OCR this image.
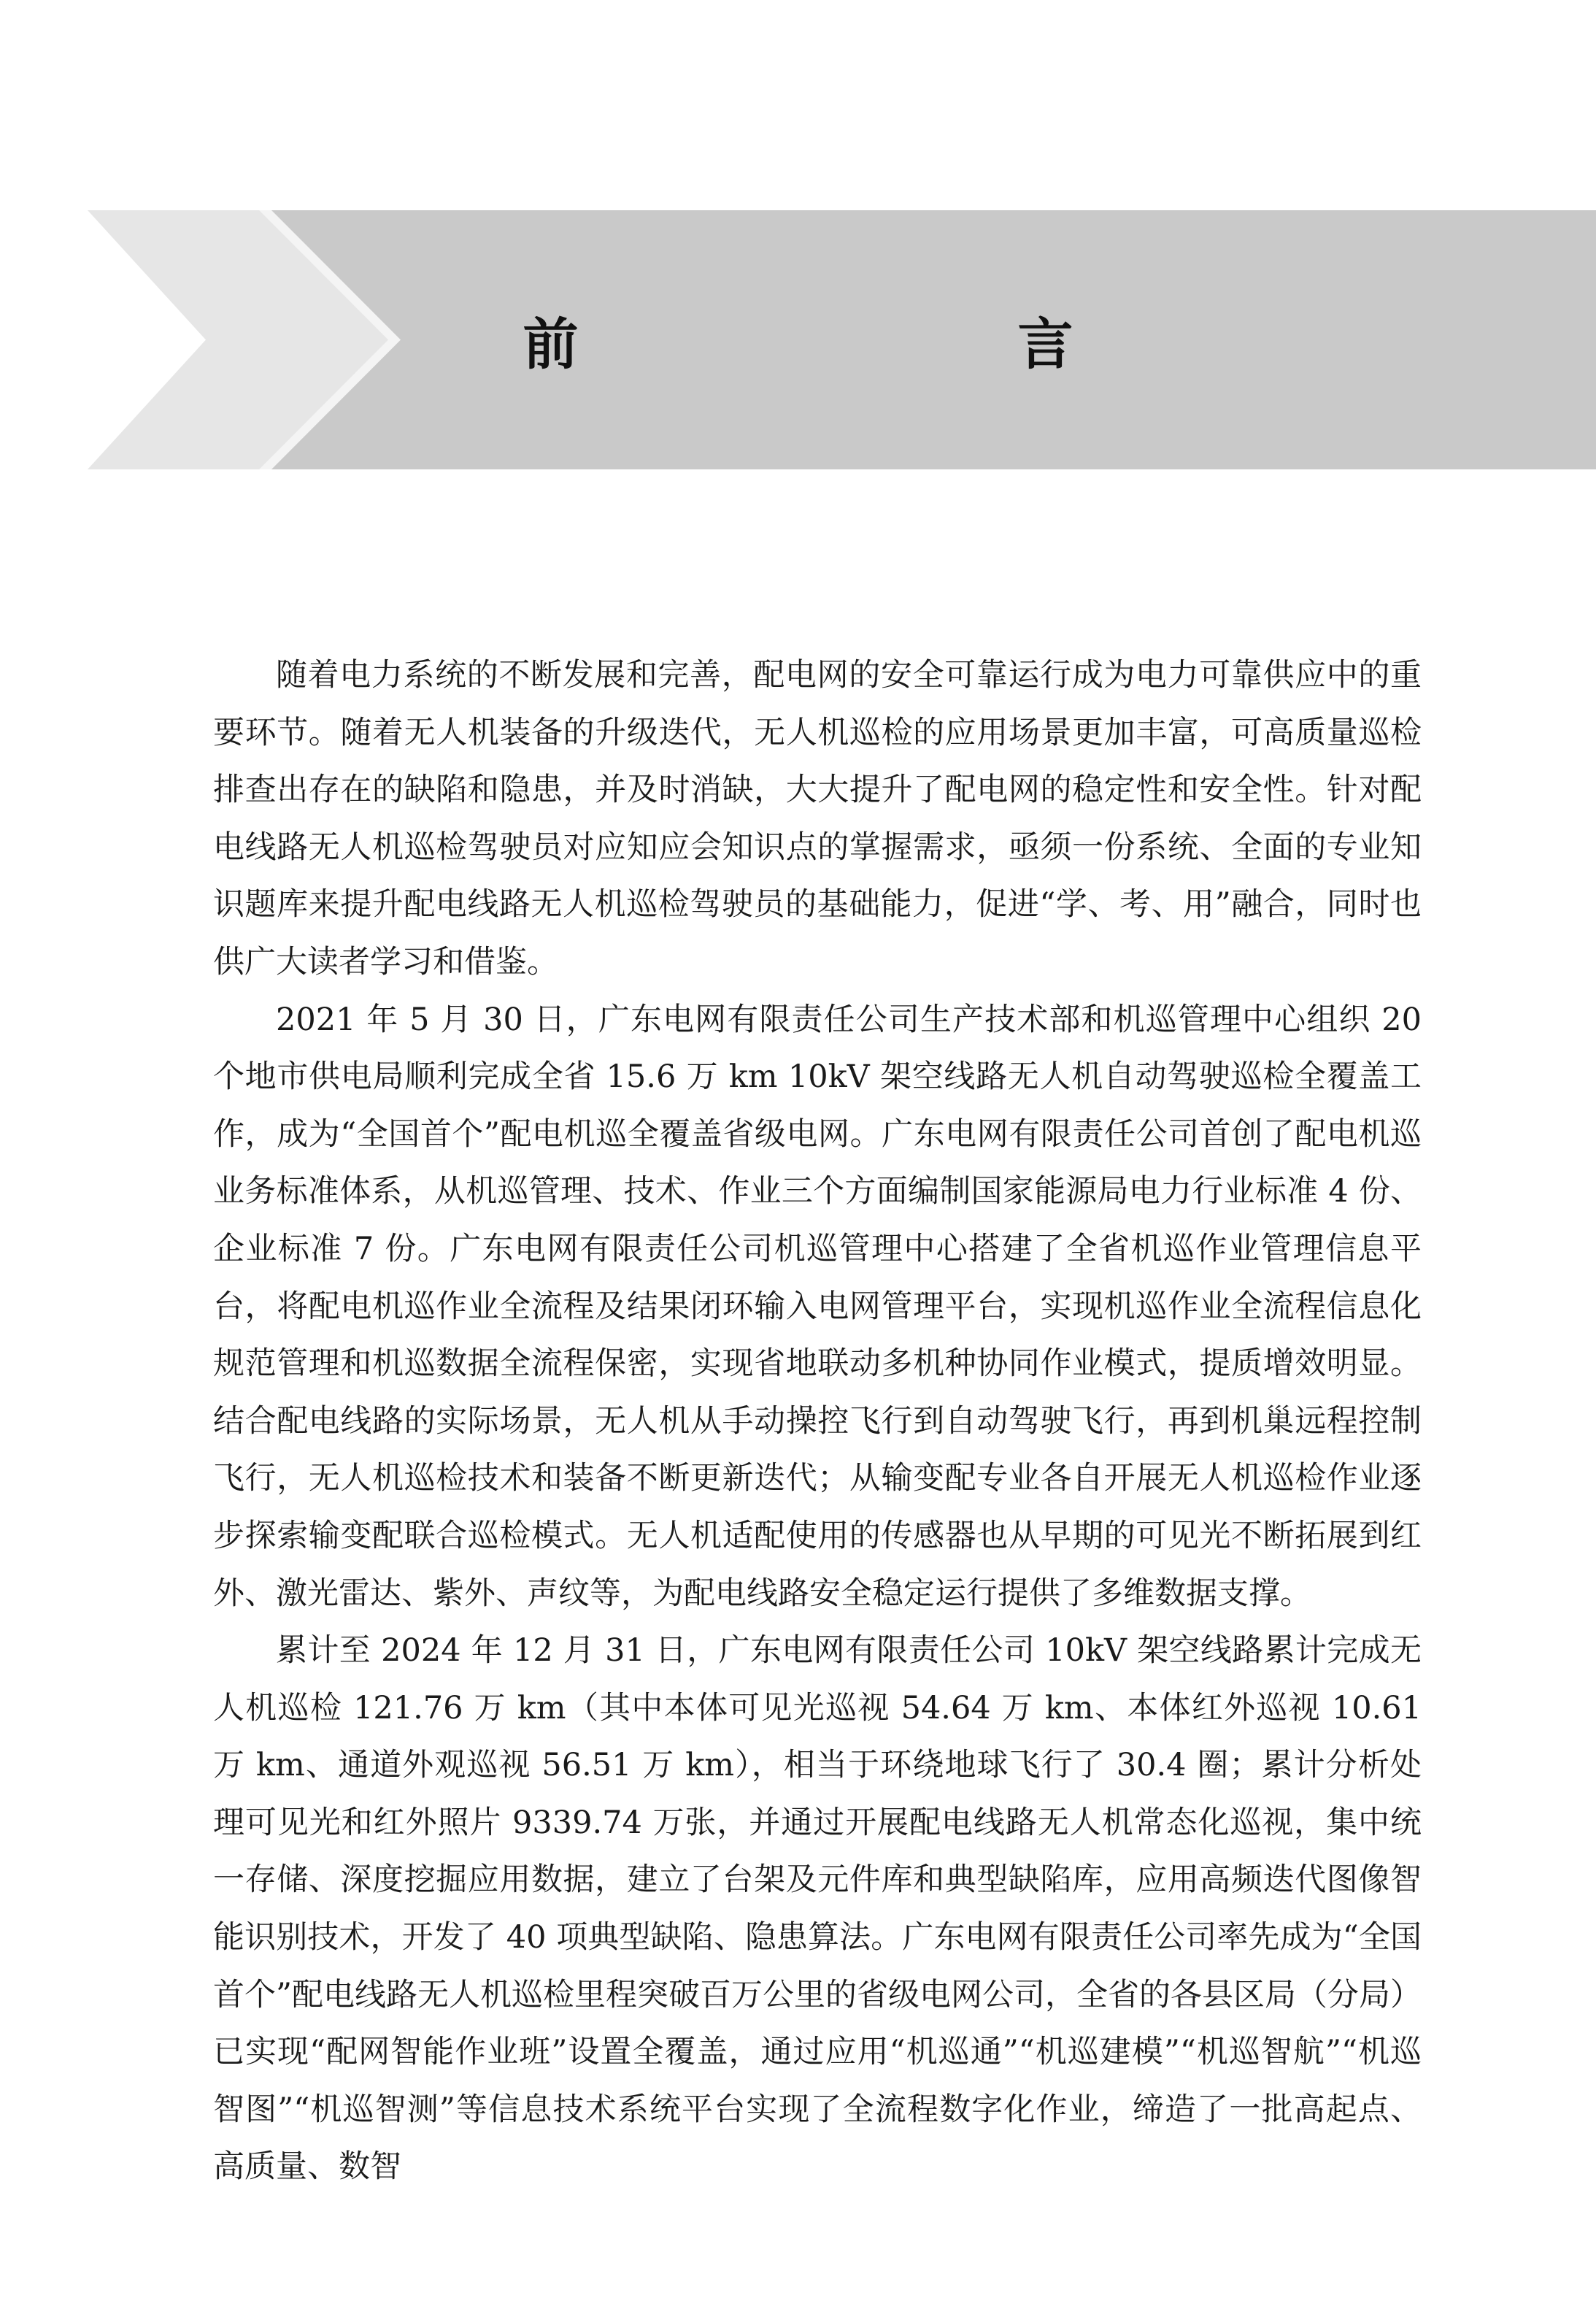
前　　言

随着电力系统的不断发展和完善，配电网的安全可靠运行成为电力可靠供应中的重要环节。随着无人机装备的升级迭代，无人机巡检的应用场景更加丰富，可高质量巡检排查出存在的缺陷和隐患，并及时消缺，大大提升了配电网的稳定性和安全性。针对配电线路无人机巡检驾驶员对应知应会知识点的掌握需求，亟须一份系统、全面的专业知识题库来提升配电线路无人机巡检驾驶员的基础能力，促进“学、考、用”融合，同时也供广大读者学习和借鉴。

2021 年 5 月 30 日，广东电网有限责任公司生产技术部和机巡管理中心组织 20 个地市供电局顺利完成全省 15.6 万 km 10kV 架空线路无人机自动驾驶巡检全覆盖工作，成为“全国首个”配电机巡全覆盖省级电网。广东电网有限责任公司首创了配电机巡业务标准体系，从机巡管理、技术、作业三个方面编制国家能源局电力行业标准 4 份、企业标准 7 份。广东电网有限责任公司机巡管理中心搭建了全省机巡作业管理信息平台，将配电机巡作业全流程及结果闭环输入电网管理平台，实现机巡作业全流程信息化规范管理和机巡数据全流程保密，实现省地联动多机种协同作业模式，提质增效明显。结合配电线路的实际场景，无人机从手动操控飞行到自动驾驶飞行，再到机巢远程控制飞行，无人机巡检技术和装备不断更新迭代；从输变配专业各自开展无人机巡检作业逐步探索输变配联合巡检模式。无人机适配使用的传感器也从早期的可见光不断拓展到红外、激光雷达、紫外、声纹等，为配电线路安全稳定运行提供了多维数据支撑。

累计至 2024 年 12 月 31 日，广东电网有限责任公司 10kV 架空线路累计完成无人机巡检 121.76 万 km（其中本体可见光巡视 54.64 万 km、本体红外巡视 10.61 万 km、通道外观巡视 56.51 万 km），相当于环绕地球飞行了 30.4 圈；累计分析处理可见光和红外照片 9339.74 万张，并通过开展配电线路无人机常态化巡视，集中统一存储、深度挖掘应用数据，建立了台架及元件库和典型缺陷库，应用高频迭代图像智能识别技术，开发了 40 项典型缺陷、隐患算法。广东电网有限责任公司率先成为“全国首个”配电线路无人机巡检里程突破百万公里的省级电网公司，全省的各县区局（分局）已实现“配网智能作业班”设置全覆盖，通过应用“机巡通”“机巡建模”“机巡智航”“机巡智图”“机巡智测”等信息技术系统平台实现了全流程数字化作业，缔造了一批高起点、高质量、数智
